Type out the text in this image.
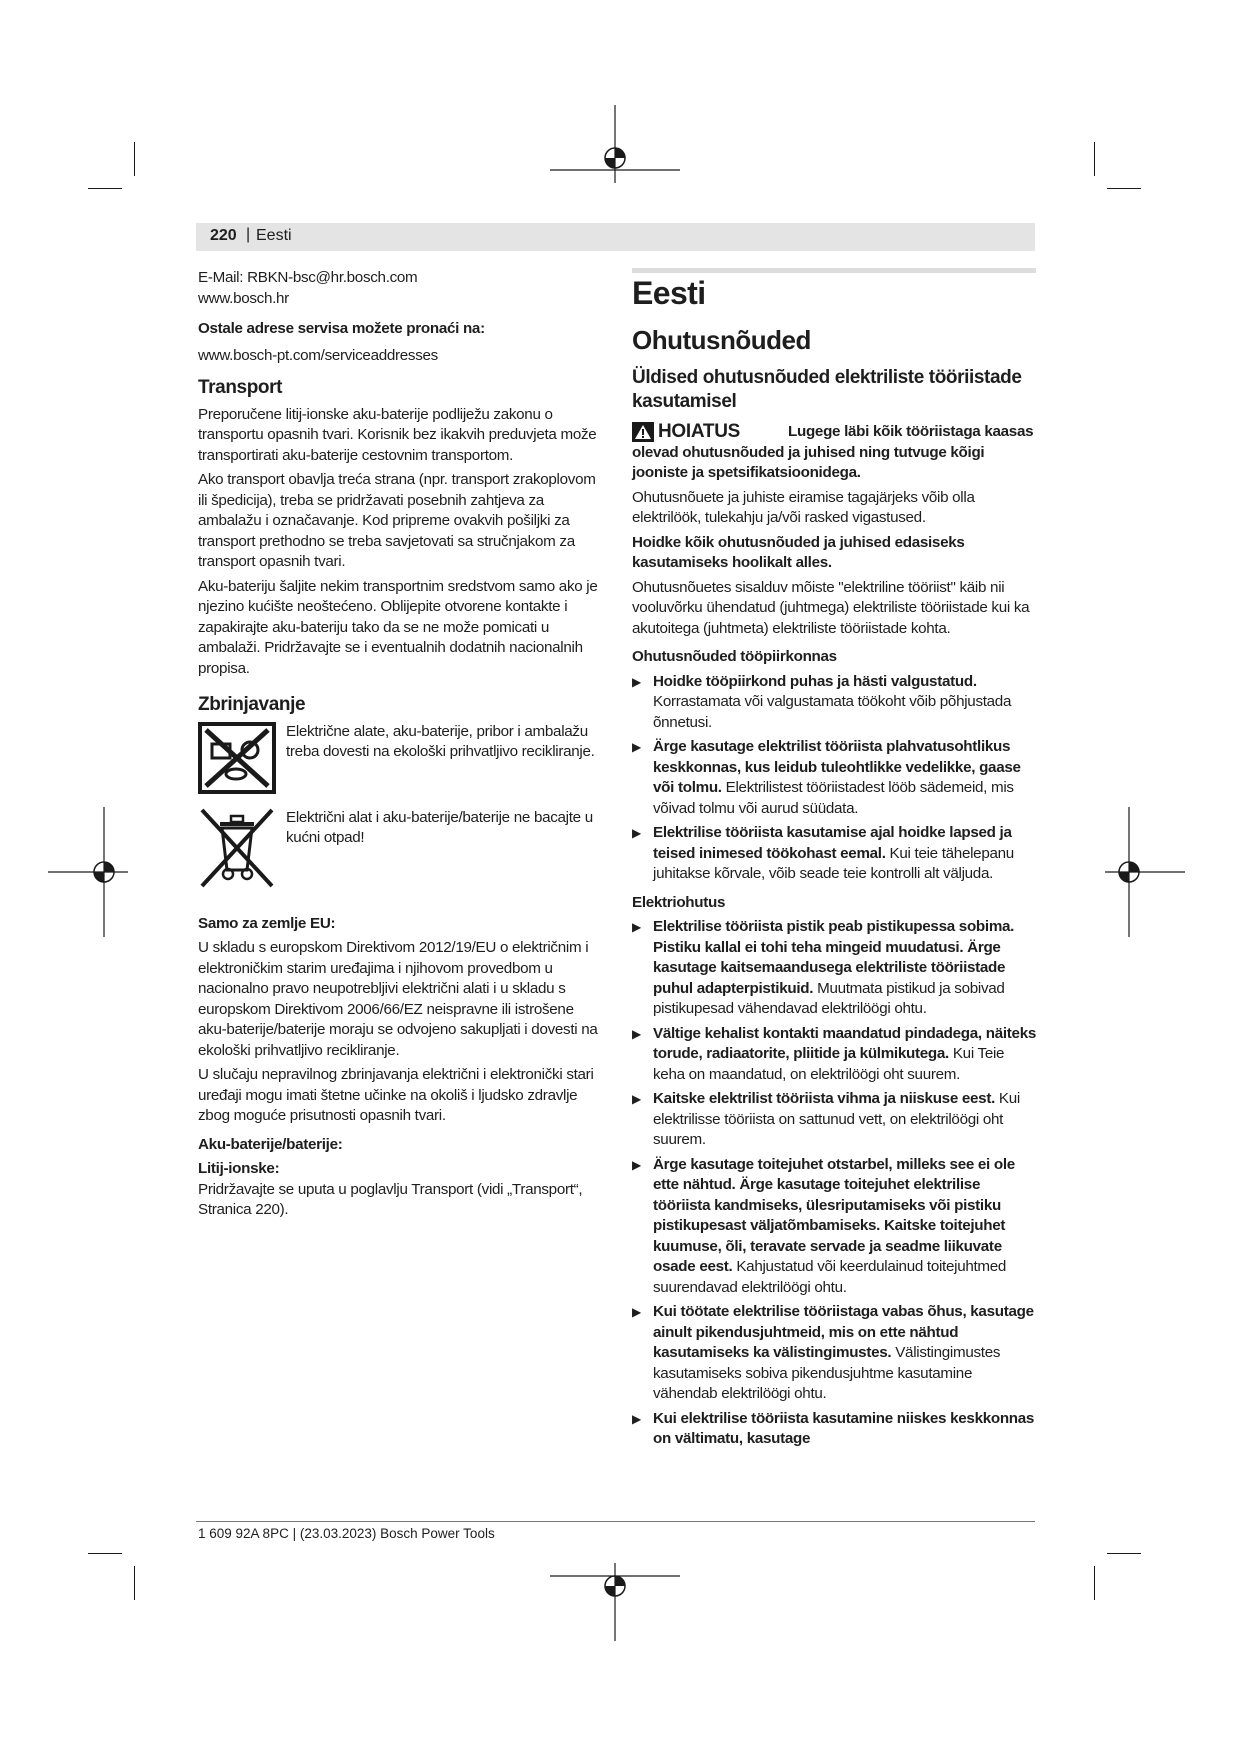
220 | Eesti

E-Mail: RBKN-bsc@hr.bosch.com

www.bosch.hr

Ostale adrese servisa možete pronaći na:

www.bosch-pt.com/serviceaddresses

Transport

Preporučene litij-ionske aku-baterije podliježu zakonu o transportu opasnih tvari. Korisnik bez ikakvih preduvjeta može transportirati aku-baterije cestovnim transportom.

Ako transport obavlja treća strana (npr. transport zrakoplovom ili špedicija), treba se pridržavati posebnih zahtjeva za ambalažu i označavanje. Kod pripreme ovakvih pošiljki za transport prethodno se treba savjetovati sa stručnjakom za transport opasnih tvari.

Aku-bateriju šaljite nekim transportnim sredstvom samo ako je njezino kućište neoštećeno. Oblijepite otvorene kontakte i zapakirajte aku-bateriju tako da se ne može pomicati u ambalaži. Pridržavajte se i eventualnih dodatnih nacionalnih propisa.

Zbrinjavanje

Električne alate, aku-baterije, pribor i ambalažu treba dovesti na ekološki prihvatljivo recikliranje.

Električni alat i aku-baterije/baterije ne bacajte u kućni otpad!

Samo za zemlje EU:

U skladu s europskom Direktivom 2012/19/EU o električnim i elektroničkim starim uređajima i njihovom provedbom u nacionalno pravo neupotrebljivi električni alati i u skladu s europskom Direktivom 2006/66/EZ neispravne ili istrošene aku-baterije/baterije moraju se odvojeno sakupljati i dovesti na ekološki prihvatljivo recikliranje.

U slučaju nepravilnog zbrinjavanja električni i elektronički stari uređaji mogu imati štetne učinke na okoliš i ljudsko zdravlje zbog moguće prisutnosti opasnih tvari.

Aku-baterije/baterije:

Litij-ionske:

Pridržavajte se uputa u poglavlju Transport (vidi „Transport“, Stranica 220).

Eesti
Ohutusnõuded
Üldised ohutusnõuded elektriliste tööriistade kasutamisel
HOIATUS	Lugege läbi kõik tööriistaga kaasas olevad ohutusnõuded ja juhised ning tutvuge kõigi jooniste ja spetsifikatsioonidega.

Ohutusnõuete ja juhiste eiramise tagajärjeks võib olla elektrilöök, tulekahju ja/või rasked vigastused.

Hoidke kõik ohutusnõuded ja juhised edasiseks kasutamiseks hoolikalt alles.

Ohutusnõuetes sisalduv mõiste "elektriline tööriist" käib nii vooluvõrku ühendatud (juhtmega) elektriliste tööriistade kui ka akutoitega (juhtmeta) elektriliste tööriistade kohta.

Ohutusnõuded tööpiirkonnas

▶ Hoidke tööpiirkond puhas ja hästi valgustatud. Korrastamata või valgustamata töökoht võib põhjustada õnnetusi.
▶ Ärge kasutage elektrilist tööriista plahvatusohtlikus keskkonnas, kus leidub tuleohtlikke vedelikke, gaase või tolmu. Elektrilistest tööriistadest lööb sädemeid, mis võivad tolmu või aurud süüdata.
▶ Elektrilise tööriista kasutamise ajal hoidke lapsed ja teised inimesed töökohast eemal. Kui teie tähelepanu juhitakse kõrvale, võib seade teie kontrolli alt väljuda.

Elektriohutus

▶ Elektrilise tööriista pistik peab pistikupessa sobima. Pistiku kallal ei tohi teha mingeid muudatusi. Ärge kasutage kaitsemaandusega elektriliste tööriistade puhul adapterpistikuid. Muutmata pistikud ja sobivad pistikupesad vähendavad elektrilöögi ohtu.
▶ Vältige kehalist kontakti maandatud pindadega, näiteks torude, radiaatorite, pliitide ja külmikutega. Kui Teie keha on maandatud, on elektrilöögi oht suurem.
▶ Kaitske elektrilist tööriista vihma ja niiskuse eest. Kui elektrilisse tööriista on sattunud vett, on elektrilöögi oht suurem.
▶ Ärge kasutage toitejuhet otstarbel, milleks see ei ole ette nähtud. Ärge kasutage toitejuhet elektrilise tööriista kandmiseks, ülesriputamiseks või pistiku pistikupesast väljatõmbamiseks. Kaitske toitejuhet kuumuse, õli, teravate servade ja seadme liikuvate osade eest. Kahjustatud või keerdulainud toitejuhtmed suurendavad elektrilöögi ohtu.
▶ Kui töötate elektrilise tööriistaga vabas õhus, kasutage ainult pikendusjuhtmeid, mis on ette nähtud kasutamiseks ka välistingimustes. Välistingimustes kasutamiseks sobiva pikendusjuhtme kasutamine vähendab elektrilöögi ohtu.
▶ Kui elektrilise tööriista kasutamine niiskes keskkonnas on vältimatu, kasutage
1 609 92A 8PC | (23.03.2023) Bosch Power Tools
